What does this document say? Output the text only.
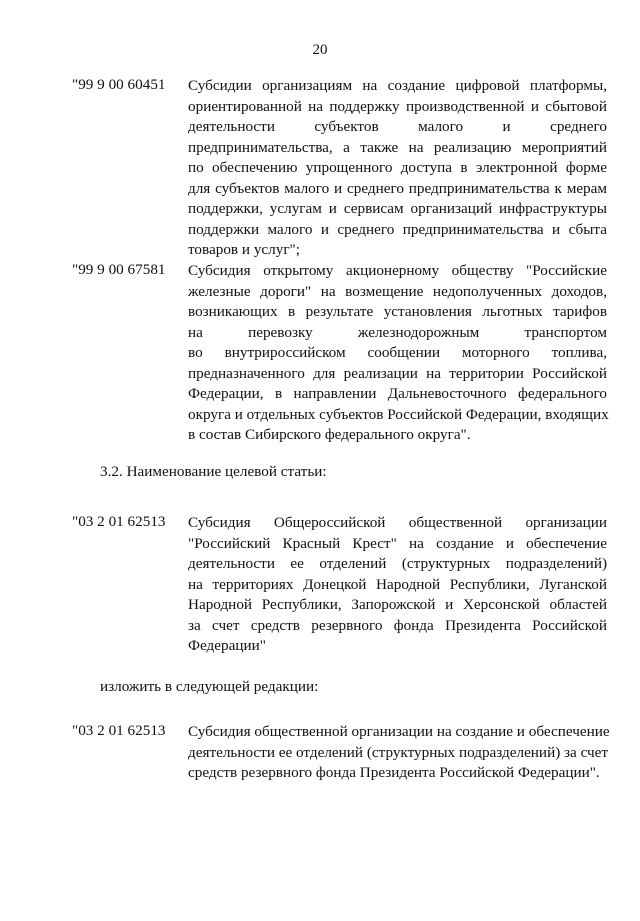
20
"99 9 00 60451 Субсидии организациям на создание цифровой платформы,
ориентированной на поддержку производственной и сбытовой
деятельности субъектов малого и среднего
предпринимательства, а также на реализацию мероприятий
по обеспечению упрощенного доступа в электронной форме
для субъектов малого и среднего предпринимательства к мерам
поддержки, услугам и сервисам организаций инфраструктуры
поддержки малого и среднего предпринимательства и сбыта
товаров и услуг";
"99 9 00 67581 Субсидия открытому акционерному обществу "Российские
железные дороги" на возмещение недополученных доходов,
возникающих в результате установления льготных тарифов
на перевозку железнодорожным транспортом
во внутрироссийском сообщении моторного топлива,
предназначенного для реализации на территории Российской
Федерации, в направлении Дальневосточного федерального
округа и отдельных субъектов Российской Федерации, входящих
в состав Сибирского федерального округа".
3.2. Наименование целевой статьи:
"03 2 01 62513 Субсидия Общероссийской общественной организации
"Российский Красный Крест" на создание и обеспечение
деятельности ее отделений (структурных подразделений)
на территориях Донецкой Народной Республики, Луганской
Народной Республики, Запорожской и Херсонской областей
за счет средств резервного фонда Президента Российской
Федерации"
изложить в следующей редакции:
"03 2 01 62513 Субсидия общественной организации на создание и обеспечение
деятельности ее отделений (структурных подразделений) за счет
средств резервного фонда Президента Российской Федерации".
